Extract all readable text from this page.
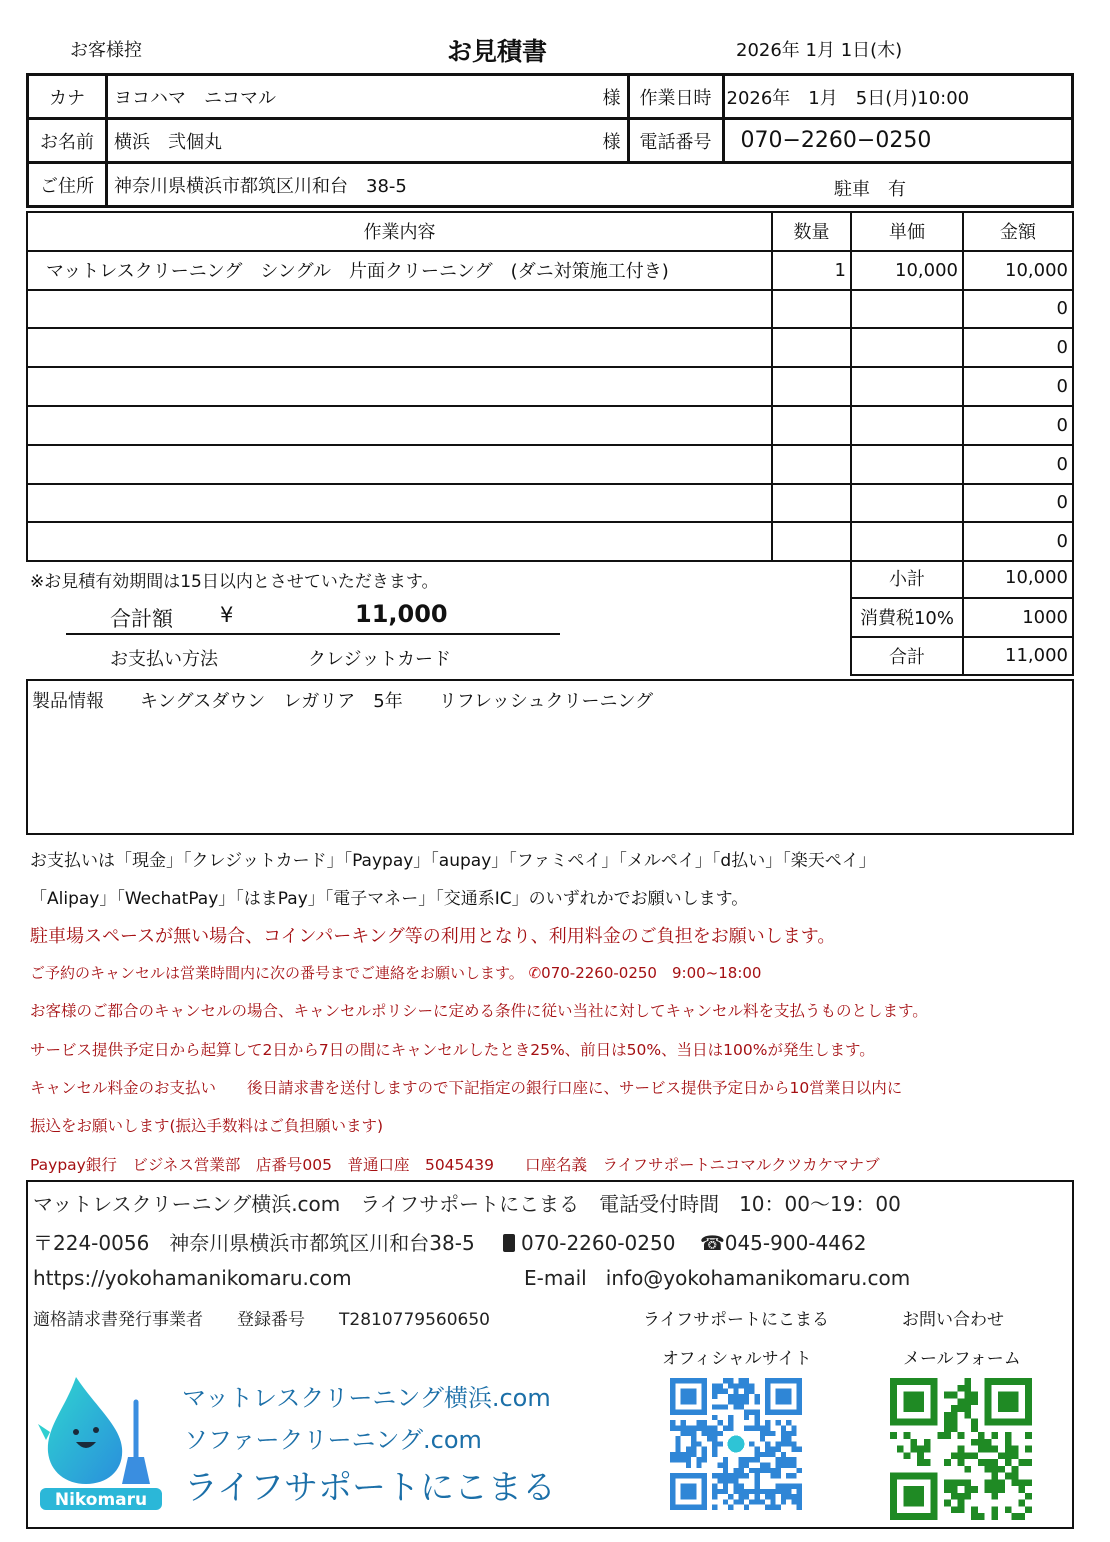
お客様控	お見積書	2026年 1月 1日(木)
カナ	ヨコハマ　ニコマル	様	作業日時	2026年　1月　5日(月)10:00
お名前	横浜　弐個丸	様	電話番号	070−2260−0250
ご住所	神奈川県横浜市都筑区川和台　38-5 駐車　有			
作業内容	数量	単価	金額
マットレスクリーニング　シングル　片面クリーニング　(ダニ対策施工付き)	1	10,000	10,000
			0
			0
			0
			0
			0
			0
			0
※お見積有効期間は15日以内とさせていただきます。
合計額 ¥	11,000
お支払い方法	クレジットカード
小計	10,000
消費税10%	1000
合計	11,000
製品情報　　キングスダウン　レガリア　5年　　リフレッシュクリーニング
お支払いは「現金」「クレジットカード」「Paypay」「aupay」「ファミペイ」「メルペイ」「d払い」「楽天ペイ」
「Alipay」「WechatPay」「はまPay」「電子マネー」「交通系IC」のいずれかでお願いします。
駐車場スペースが無い場合、コインパーキング等の利用となり、利用料金のご負担をお願いします。
ご予約のキャンセルは営業時間内に次の番号までご連絡をお願いします。 ✆070-2260-0250　9:00~18:00
お客様のご都合のキャンセルの場合、キャンセルポリシーに定める条件に従い当社に対してキャンセル料を支払うものとします。
サービス提供予定日から起算して2日から7日の間にキャンセルしたとき25%、前日は50%、当日は100%が発生します。
キャンセル料金のお支払い　　後日請求書を送付しますので下記指定の銀行口座に、サービス提供予定日から10営業日以内に
振込をお願いします(振込手数料はご負担願います)
Paypay銀行　ビジネス営業部　店番号005　普通口座　5045439　　口座名義　ライフサポートニコマルクツカケマナブ
マットレスクリーニング横浜.com　ライフサポートにこまる　電話受付時間　10：00〜19：00
〒224-0056　神奈川県横浜市都筑区川和台38-5 070-2260-0250 ☎045-900-4462
https://yokohamanikomaru.com	E-mail info@yokohamanikomaru.com
適格請求書発行事業者　　登録番号　　T2810779560650	ライフサポートにこまる
オフィシャルサイト
お問い合わせ
メールフォーム
Nikomaru
マットレスクリーニング横浜.com
ソファークリーニング.com
ライフサポートにこまる
